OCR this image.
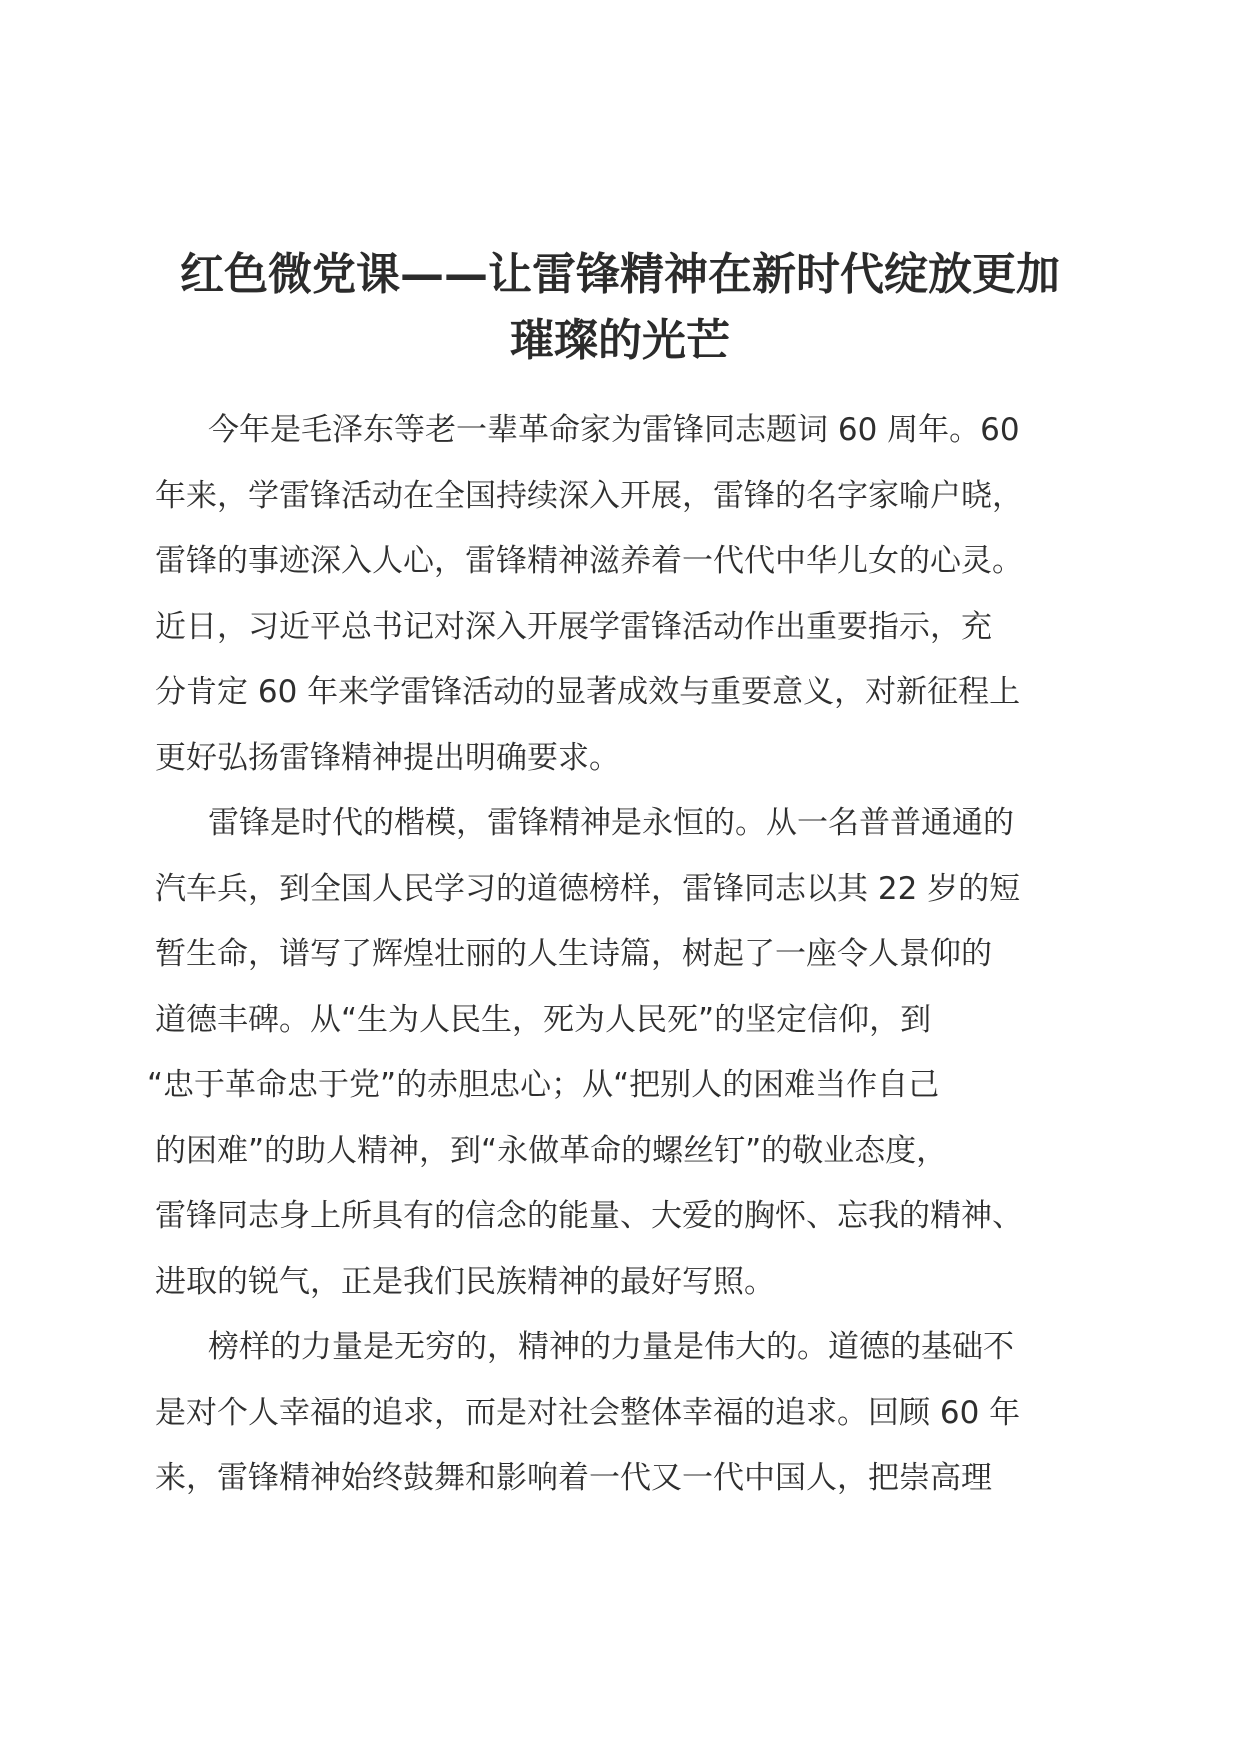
红色微党课——让雷锋精神在新时代绽放更加
璀璨的光芒

今年是毛泽东等老一辈革命家为雷锋同志题词 60 周年。60
年来，学雷锋活动在全国持续深入开展，雷锋的名字家喻户晓，
雷锋的事迹深入人心，雷锋精神滋养着一代代中华儿女的心灵。
近日，习近平总书记对深入开展学雷锋活动作出重要指示，充
分肯定 60 年来学雷锋活动的显著成效与重要意义，对新征程上
更好弘扬雷锋精神提出明确要求。

雷锋是时代的楷模，雷锋精神是永恒的。从一名普普通通的
汽车兵，到全国人民学习的道德榜样，雷锋同志以其 22 岁的短
暂生命，谱写了辉煌壮丽的人生诗篇，树起了一座令人景仰的
道德丰碑。从“生为人民生，死为人民死”的坚定信仰，到
“忠于革命忠于党”的赤胆忠心；从“把别人的困难当作自己
的困难”的助人精神，到“永做革命的螺丝钉”的敬业态度，
雷锋同志身上所具有的信念的能量、大爱的胸怀、忘我的精神、
进取的锐气，正是我们民族精神的最好写照。

榜样的力量是无穷的，精神的力量是伟大的。道德的基础不
是对个人幸福的追求，而是对社会整体幸福的追求。回顾 60 年
来，雷锋精神始终鼓舞和影响着一代又一代中国人，把崇高理
